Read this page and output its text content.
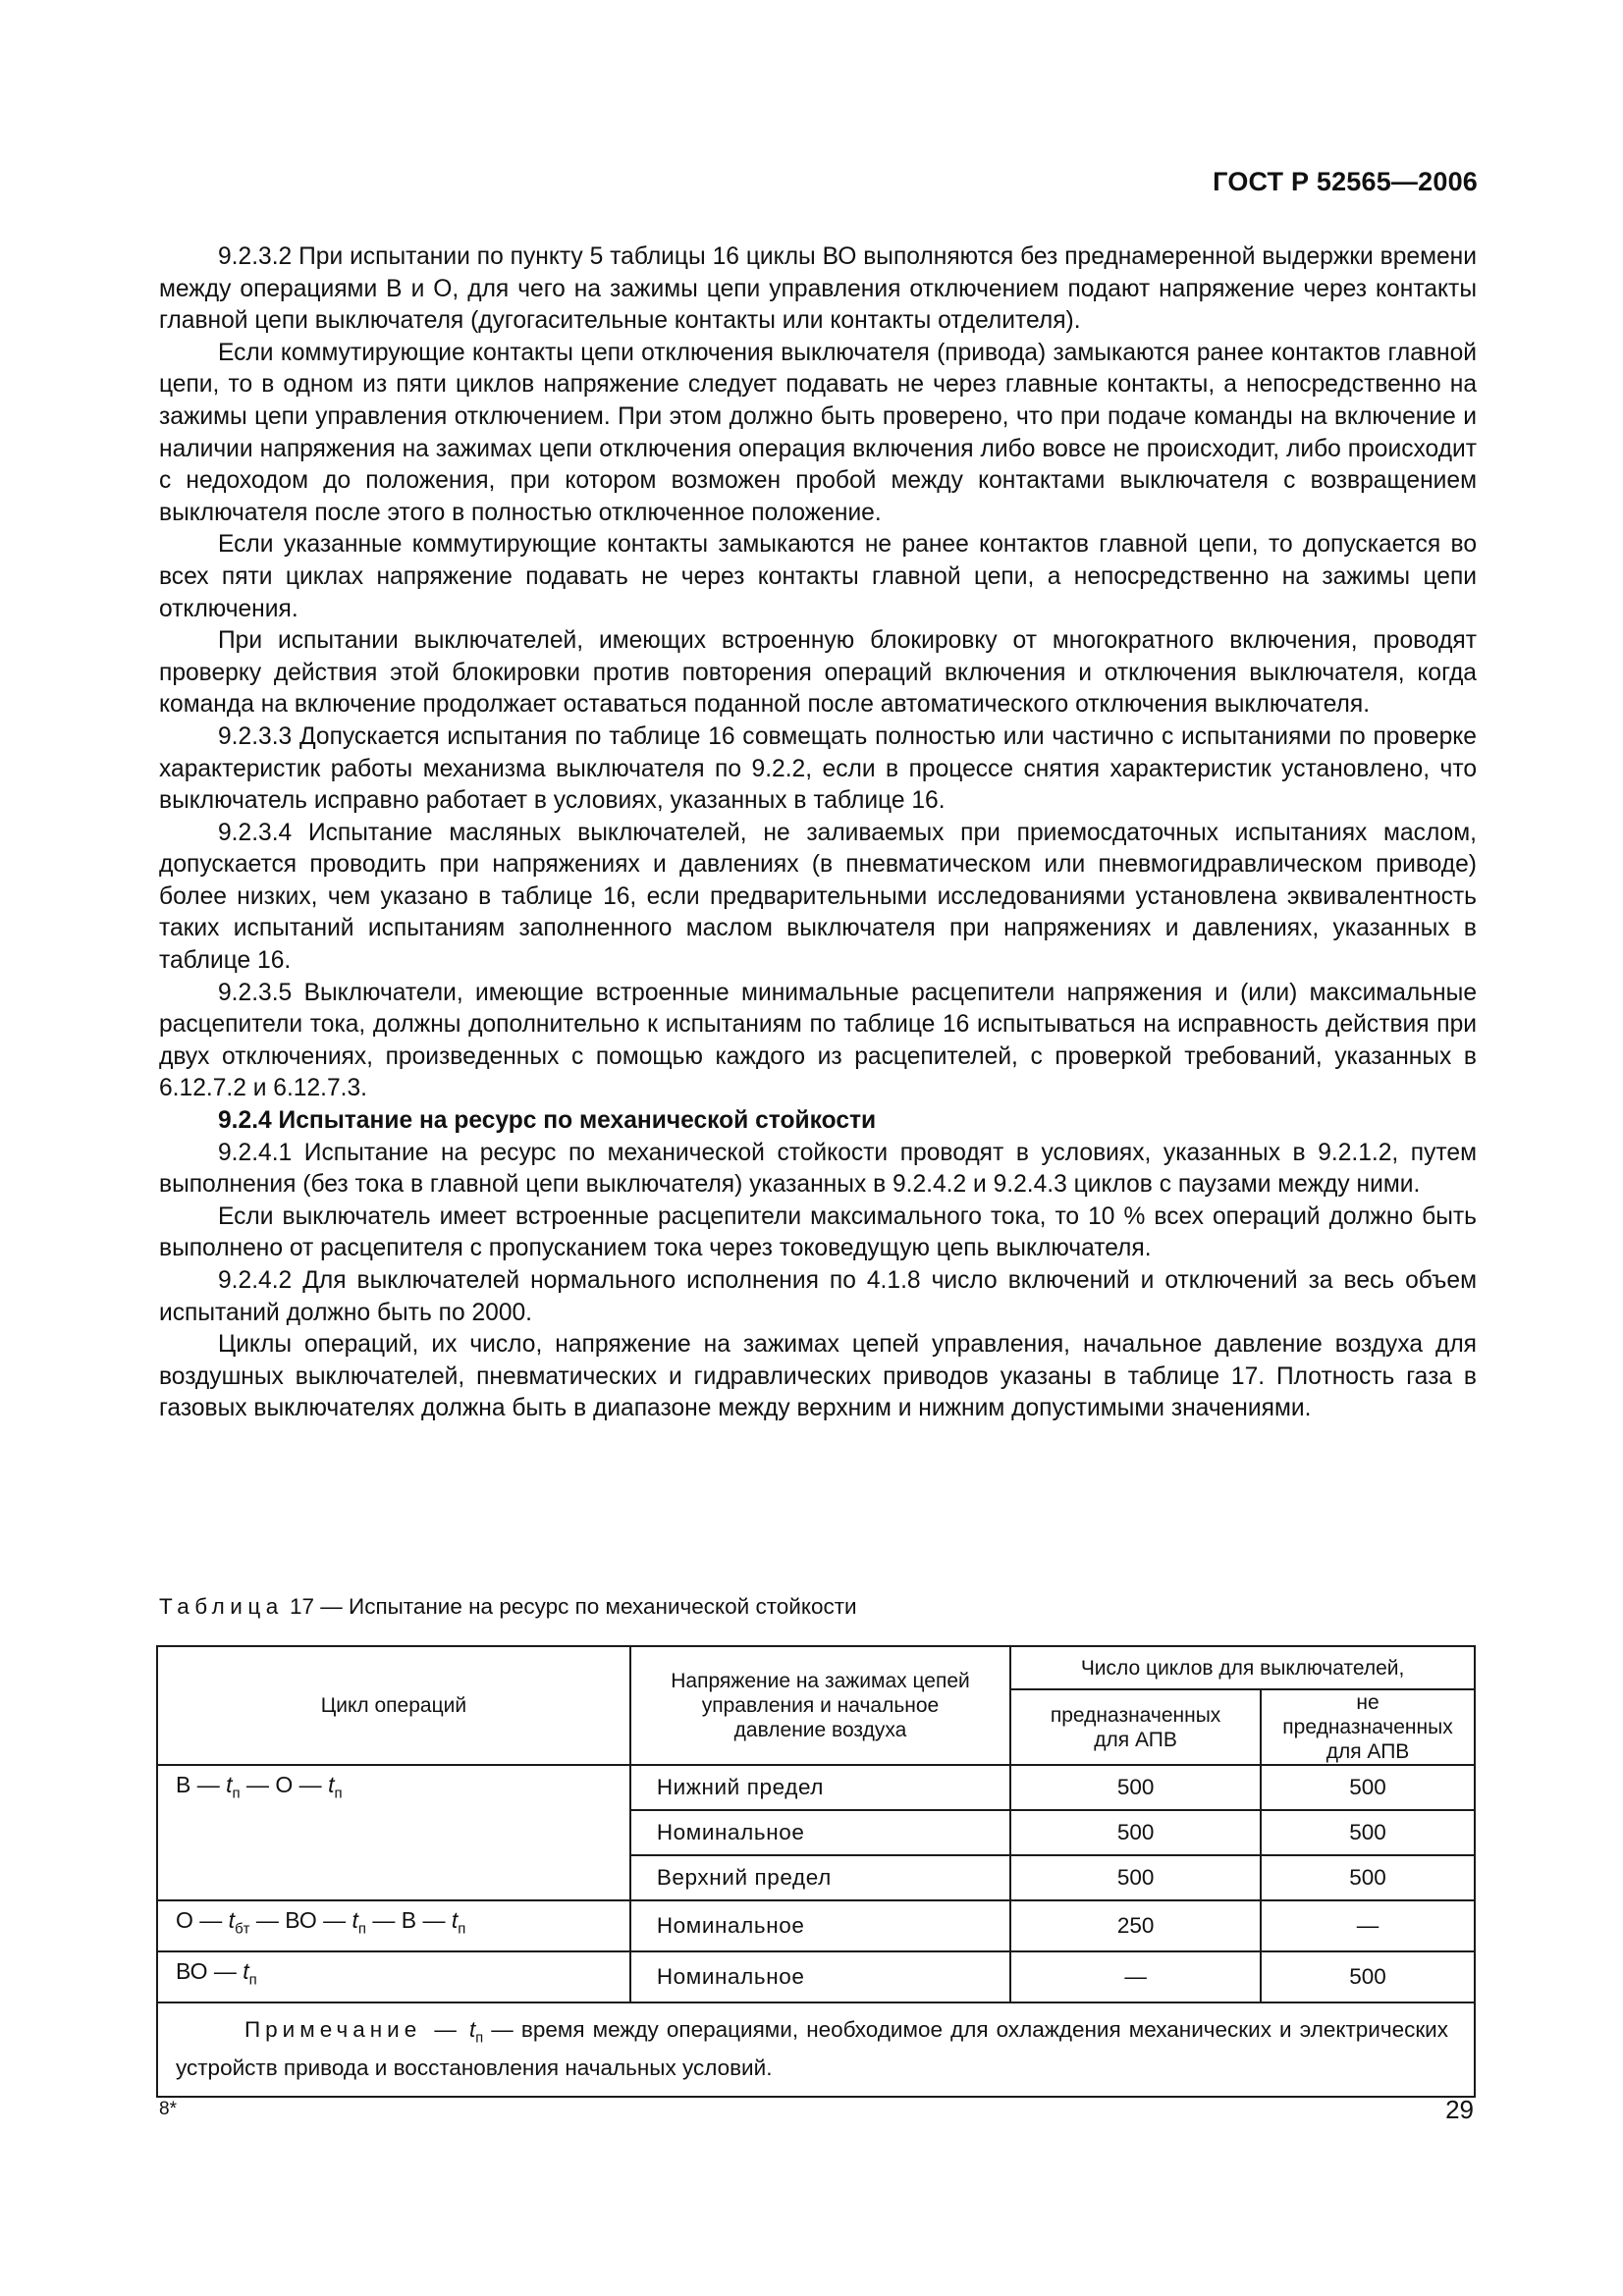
ГОСТ Р 52565—2006

9.2.3.2 При испытании по пункту 5 таблицы 16 циклы ВО выполняются без преднамеренной выдержки времени между операциями В и О, для чего на зажимы цепи управления отключением подают напряжение через контакты главной цепи выключателя (дугогасительные контакты или контакты отделителя).

Если коммутирующие контакты цепи отключения выключателя (привода) замыкаются ранее контактов главной цепи, то в одном из пяти циклов напряжение следует подавать не через главные контакты, а непосредственно на зажимы цепи управления отключением. При этом должно быть проверено, что при подаче команды на включение и наличии напряжения на зажимах цепи отключения операция включения либо вовсе не происходит, либо происходит с недоходом до положения, при котором возможен пробой между контактами выключателя с возвращением выключателя после этого в полностью отключенное положение.

Если указанные коммутирующие контакты замыкаются не ранее контактов главной цепи, то допускается во всех пяти циклах напряжение подавать не через контакты главной цепи, а непосредственно на зажимы цепи отключения.

При испытании выключателей, имеющих встроенную блокировку от многократного включения, проводят проверку действия этой блокировки против повторения операций включения и отключения выключателя, когда команда на включение продолжает оставаться поданной после автоматического отключения выключателя.

9.2.3.3 Допускается испытания по таблице 16 совмещать полностью или частично с испытаниями по проверке характеристик работы механизма выключателя по 9.2.2, если в процессе снятия характеристик установлено, что выключатель исправно работает в условиях, указанных в таблице 16.

9.2.3.4 Испытание масляных выключателей, не заливаемых при приемосдаточных испытаниях маслом, допускается проводить при напряжениях и давлениях (в пневматическом или пневмогидравлическом приводе) более низких, чем указано в таблице 16, если предварительными исследованиями установлена эквивалентность таких испытаний испытаниям заполненного маслом выключателя при напряжениях и давлениях, указанных в таблице 16.

9.2.3.5 Выключатели, имеющие встроенные минимальные расцепители напряжения и (или) максимальные расцепители тока, должны дополнительно к испытаниям по таблице 16 испытываться на исправность действия при двух отключениях, произведенных с помощью каждого из расцепителей, с проверкой требований, указанных в 6.12.7.2 и 6.12.7.3.

9.2.4 Испытание на ресурс по механической стойкости

9.2.4.1 Испытание на ресурс по механической стойкости проводят в условиях, указанных в 9.2.1.2, путем выполнения (без тока в главной цепи выключателя) указанных в 9.2.4.2 и 9.2.4.3 циклов с паузами между ними.

Если выключатель имеет встроенные расцепители максимального тока, то 10 % всех операций должно быть выполнено от расцепителя с пропусканием тока через токоведущую цепь выключателя.

9.2.4.2 Для выключателей нормального исполнения по 4.1.8 число включений и отключений за весь объем испытаний должно быть по 2000.

Циклы операций, их число, напряжение на зажимах цепей управления, начальное давление воздуха для воздушных выключателей, пневматических и гидравлических приводов указаны в таблице 17. Плотность газа в газовых выключателях должна быть в диапазоне между верхним и нижним допустимыми значениями.

Таблица 17 — Испытание на ресурс по механической стойкости
Цикл операций	Напряжение на зажимах цепей управления и начальное давление воздуха	Число циклов для выключателей,	
		предназначенных для АПВ	не предназначенных для АПВ
В — $t_п$ — О — $t_п$	Нижний предел	500	500
	Номинальное	500	500
	Верхний предел	500	500
О — $t_{бт}$ — ВО — $t_п$ — В — $t_п$	Номинальное	250	—
ВО — $t_п$	Номинальное	—	500
Примечание — $t_п$ — время между операциями, необходимое для охлаждения механических и электрических устройств привода и восстановления начальных условий.			
8*	29
